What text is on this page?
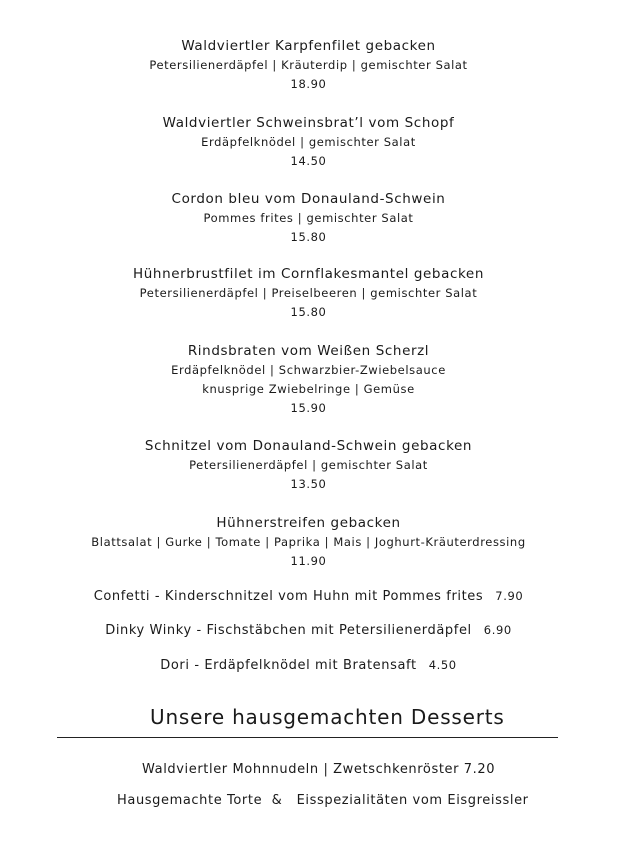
Waldviertler Karpfenfilet gebacken
Petersilienerdäpfel | Kräuterdip | gemischter Salat
18.90
Waldviertler Schweinsbrat’l vom Schopf
Erdäpfelknödel | gemischter Salat
14.50
Cordon bleu vom Donauland-Schwein
Pommes frites | gemischter Salat
15.80
Hühnerbrustfilet im Cornflakesmantel gebacken
Petersilienerdäpfel | Preiselbeeren | gemischter Salat
15.80
Rindsbraten vom Weißen Scherzl
Erdäpfelknödel | Schwarzbier-Zwiebelsauce
knusprige Zwiebelringe | Gemüse
15.90
Schnitzel vom Donauland-Schwein gebacken
Petersilienerdäpfel | gemischter Salat
13.50
Hühnerstreifen gebacken
Blattsalat | Gurke | Tomate | Paprika | Mais | Joghurt-Kräuterdressing
11.90
Confetti - Kinderschnitzel vom Huhn mit Pommes frites 7.90
Dinky Winky - Fischstäbchen mit Petersilienerdäpfel 6.90
Dori - Erdäpfelknödel mit Bratensaft 4.50
Unsere hausgemachten Desserts
Waldviertler Mohnnudeln | Zwetschkenröster 7.20
Hausgemachte Torte  &   Eisspezialitäten vom Eisgreissler
